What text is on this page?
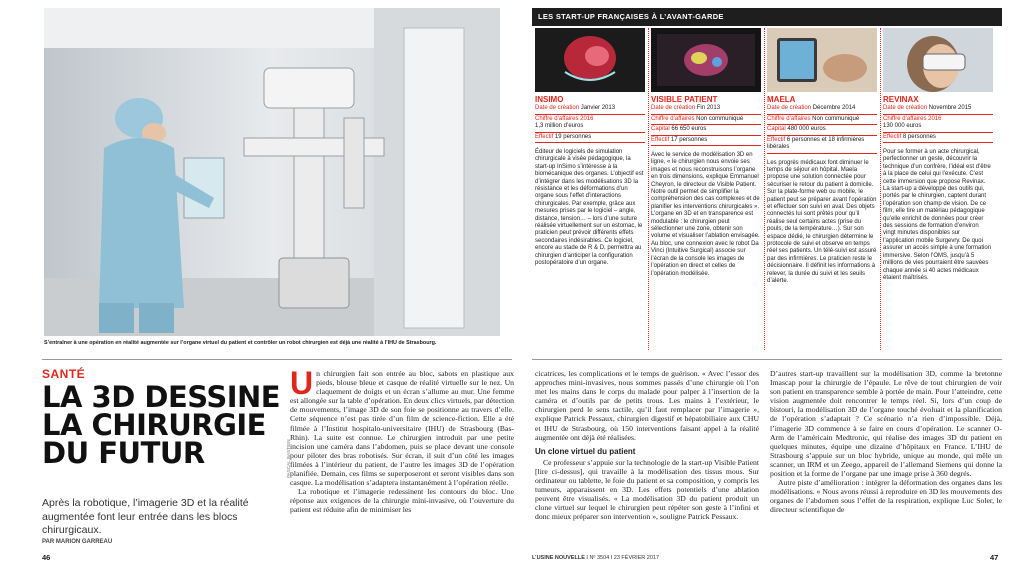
S’entraîner à une opération en réalité augmentée sur l’organe virtuel du patient et contrôler un robot chirurgien est déjà une réalité à l’IHU de Strasbourg.
LES START-UP FRANÇAISES À L’AVANT-GARDE
INSIMO
Date de création Janvier 2013
Chiffre d’affaires 2016
1,3 million d’euros
Effectif 19 personnes
Éditeur de logiciels de simulation chirurgicale à visée pédagogique, la start-up InSimo s’intéresse à la biomécanique des organes. L’objectif est d’intégrer dans les modélisations 3D la résistance et les déformations d’un organe sous l’effet d’interactions chirurgicales. Par exemple, grâce aux mesures prises par le logiciel – angle, distance, tension… – lors d’une suture réalisée virtuellement sur un estomac, le praticien peut prévoir différents effets secondaires indésirables. Ce logiciel, encore au stade de R & D, permettra au chirurgien d’anticiper la configuration postopératoire d’un organe.
VISIBLE PATIENT
Date de création Fin 2013
Chiffre d’affaires Non communiqué
Capital 66 650 euros
Effectif 17 personnes
Avec le service de modélisation 3D en ligne, « le chirurgien nous envoie ses images et nous reconstruisons l’organe en trois dimensions, explique Emmanuel Cheyron, le directeur de Visible Patient. Notre outil permet de simplifier la compréhension des cas complexes et de planifier les interventions chirurgicales ». L’organe en 3D et en transparence est modulable : le chirurgien peut sélectionner une zone, obtenir son volume et visualiser l’ablation envisagée. Au bloc, une connexion avec le robot Da Vinci (Intuitive Surgical) associe sur l’écran de la console les images de l’opération en direct et celles de l’opération modélisée.
MAELA
Date de création Décembre 2014
Chiffre d’affaires Non communiqué
Capital 480 000 euros
Effectif 6 personnes et 18 infirmières libérales
Les progrès médicaux font diminuer le temps de séjour en hôpital. Maela propose une solution connectée pour sécuriser le retour du patient à domicile. Sur la plate-forme web ou mobile, le patient peut se préparer avant l’opération et effectuer son suivi en aval. Des objets connectés lui sont prêtés pour qu’il réalise seul certains actes (prise du pouls, de la température…). Sur son espace dédié, le chirurgien détermine le protocole de suivi et observe en temps réel ses patients. Un télé-suivi est assuré par des infirmières. Le praticien reste le décisionnaire. Il définit les informations à relever, la durée du suivi et les seuils d’alerte.
REVINAX
Date de création Novembre 2015
Chiffre d’affaires 2016
130 000 euros
Effectif 8 personnes
Pour se former à un acte chirurgical, perfectionner un geste, découvrir la technique d’un confrère, l’idéal est d’être à la place de celui qui l’exécute. C’est cette immersion que propose Revinax. La start-up a développé des outils qui, portés par le chirurgien, captent durant l’opération son champ de vision. De ce film, elle tire un matériau pédagogique qu’elle enrichit de données pour créer des sessions de formation d’environ vingt minutes disponibles sur l’application mobile Surgevry. De quoi assurer un accès simple à une formation immersive. Selon l’OMS, jusqu’à 5 millions de vies pourraient être sauvées chaque année si 40 actes médicaux étaient maîtrisés.
SANTÉ
LA 3D DESSINE
LA CHIRURGIE
DU FUTUR
Après la robotique, l’imagerie 3D et la réalité augmentée font leur entrée dans les blocs chirurgicaux.
PAR MARION GARREAU
PASCAL BASTIEN

Un chirurgien fait son entrée au bloc, sabots en plastique aux pieds, blouse bleue et casque de réalité virtuelle sur le nez. Un claquement de doigts et un écran s’allume au mur. Une femme est allongée sur la table d’opération. En deux clics virtuels, par détection de mouvements, l’image 3D de son foie se positionne au travers d’elle. Cette séquence n’est pas tirée d’un film de science-fiction. Elle a été filmée à l’Institut hospitalo-universitaire (IHU) de Strasbourg (Bas-Rhin). La suite est connue. Le chirurgien introduit par une petite incision une caméra dans l’abdomen, puis se place devant une console pour piloter des bras robotisés. Sur écran, il suit d’un côté les images filmées à l’intérieur du patient, de l’autre les images 3D de l’opération planifiée. Demain, ces films se superposeront et seront visibles dans son casque. La modélisation s’adaptera instantanément à l’opération réelle.

La robotique et l’imagerie redessinent les contours du bloc. Une réponse aux exigences de la chirurgie mini-invasive, où l’ouverture du patient est réduite afin de minimiser les

cicatrices, les complications et le temps de guérison. « Avec l’essor des approches mini-invasives, nous sommes passés d’une chirurgie où l’on met les mains dans le corps du malade pour palper à l’insertion de la caméra et d’outils par de petits trous. Les mains à l’extérieur, le chirurgien perd le sens tactile, qu’il faut remplacer par l’imagerie », explique Patrick Pessaux, chirurgien digestif et hépatobiliaire aux CHU et IHU de Strasbourg, où 150 interventions faisant appel à la réalité augmentée ont déjà été réalisées.

Un clone virtuel du patient

Ce professeur s’appuie sur la technologie de la start-up Visible Patient [lire ci-dessus], qui travaille à la modélisation des tissus mous. Sur ordinateur ou tablette, le foie du patient et sa composition, y compris les tumeurs, apparaissent en 3D. Les effets potentiels d’une ablation peuvent être visualisés. « La modélisation 3D du patient produit un clone virtuel sur lequel le chirurgien peut répéter son geste à l’infini et donc mieux préparer son intervention », souligne Patrick Pessaux.

D’autres start-up travaillent sur la modélisation 3D, comme la bretonne Imascap pour la chirurgie de l’épaule. Le rêve de tout chirurgien de voir son patient en transparence semble à portée de main. Pour l’atteindre, cette vision augmentée doit rencontrer le temps réel. Si, lors d’un coup de bistouri, la modélisation 3D de l’organe touché évoluait et la planification de l’opération s’adaptait ? Ce scénario n’a rien d’impossible. Déjà, l’imagerie 3D commence à se faire en cours d’opération. Le scanner O-Arm de l’américain Medtronic, qui réalise des images 3D du patient en quelques minutes, équipe une dizaine d’hôpitaux en France. L’IHU de Strasbourg s’appuie sur un bloc hybride, unique au monde, qui mêle un scanner, un IRM et un Zeego, appareil de l’allemand Siemens qui donne la position et la forme de l’organe par une image prise à 360 degrés.

Autre piste d’amélioration : intégrer la déformation des organes dans les modélisations. « Nous avons réussi à reproduire en 3D les mouvements des organes de l’abdomen sous l’effet de la respiration, explique Luc Soler, le directeur scientifique de

46	L’USINE NOUVELLE I Nº 3504 I 23 FÉVRIER 2017	47
